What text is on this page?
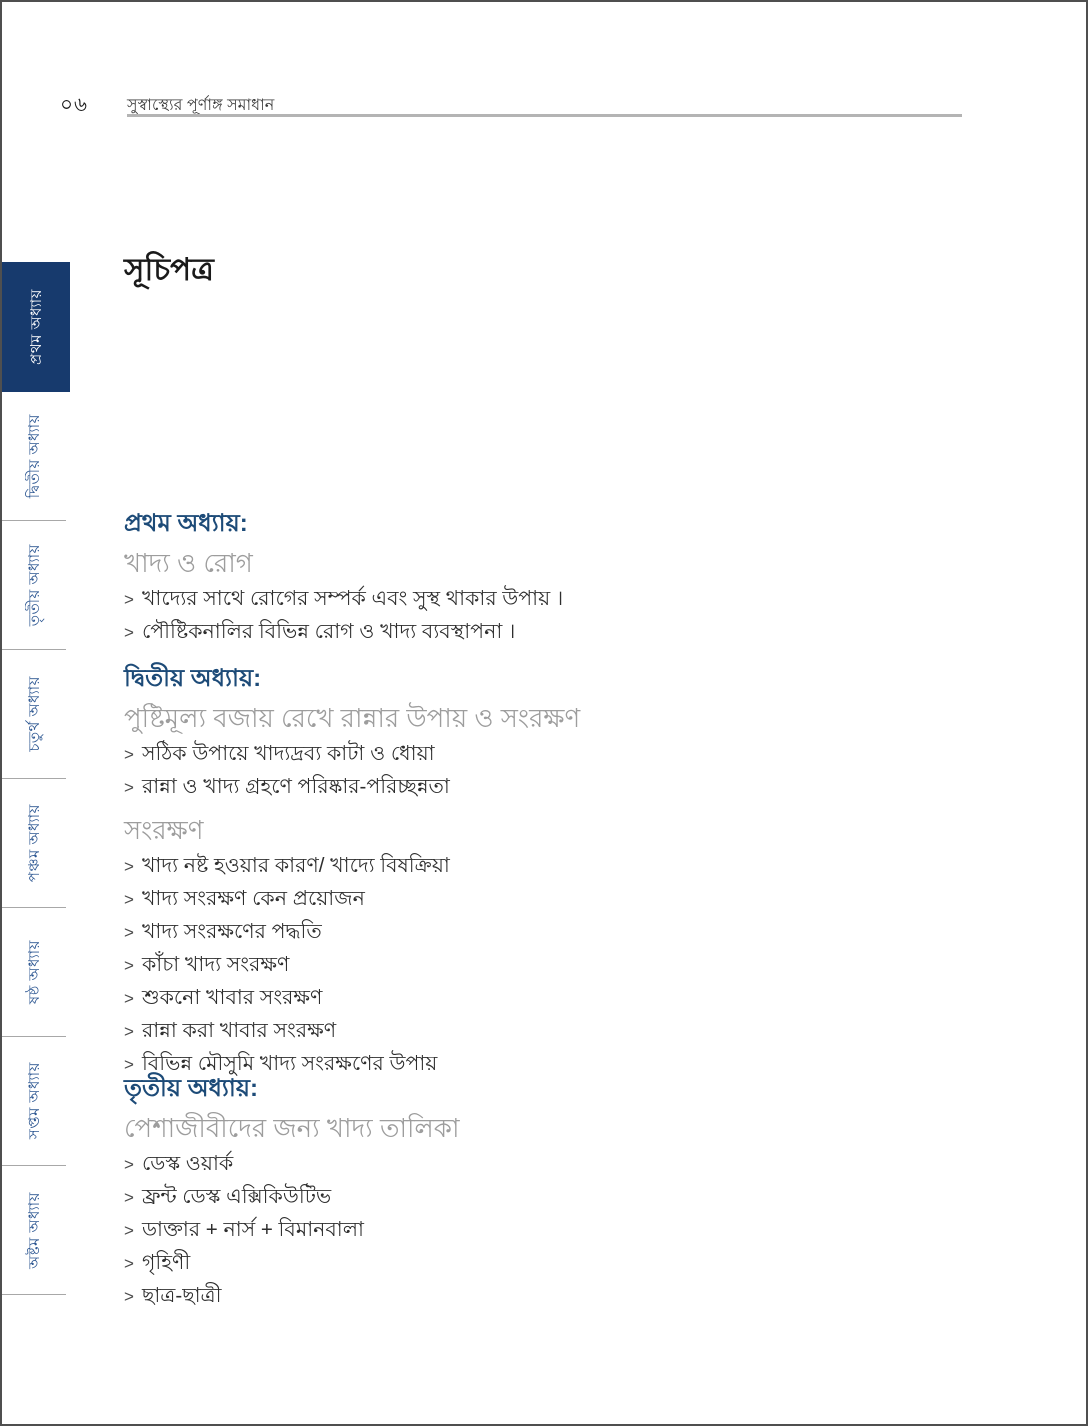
০৬ সুস্বাস্থ্যের পূর্ণাঙ্গ সমাধান
প্রথম অধ্যায়
দ্বিতীয় অধ্যায়
তৃতীয় অধ্যায়
চতুর্থ অধ্যায়
পঞ্চম অধ্যায়
ষষ্ঠ অধ্যায়
সপ্তম অধ্যায়
অষ্টম অধ্যায়
সূচিপত্র
প্রথম অধ্যায়:
খাদ্য ও রোগ
> খাদ্যের সাথে রোগের সম্পর্ক এবং সুস্থ থাকার উপায় ।
> পৌষ্টিকনালির বিভিন্ন রোগ ও খাদ্য ব্যবস্থাপনা ।
দ্বিতীয় অধ্যায়:
পুষ্টিমূল্য বজায় রেখে রান্নার উপায় ও সংরক্ষণ
> সঠিক উপায়ে খাদ্যদ্রব্য কাটা ও ধোয়া
> রান্না ও খাদ্য গ্রহণে পরিষ্কার-পরিচ্ছন্নতা
সংরক্ষণ
> খাদ্য নষ্ট হওয়ার কারণ/ খাদ্যে বিষক্রিয়া
> খাদ্য সংরক্ষণ কেন প্রয়োজন
> খাদ্য সংরক্ষণের পদ্ধতি
> কাঁচা খাদ্য সংরক্ষণ
> শুকনো খাবার সংরক্ষণ
> রান্না করা খাবার সংরক্ষণ
> বিভিন্ন মৌসুমি খাদ্য সংরক্ষণের উপায়
তৃতীয় অধ্যায়:
পেশাজীবীদের জন্য খাদ্য তালিকা
> ডেস্ক ওয়ার্ক
> ফ্রন্ট ডেস্ক এক্সিকিউটিভ
> ডাক্তার + নার্স + বিমানবালা
> গৃহিণী
> ছাত্র-ছাত্রী
